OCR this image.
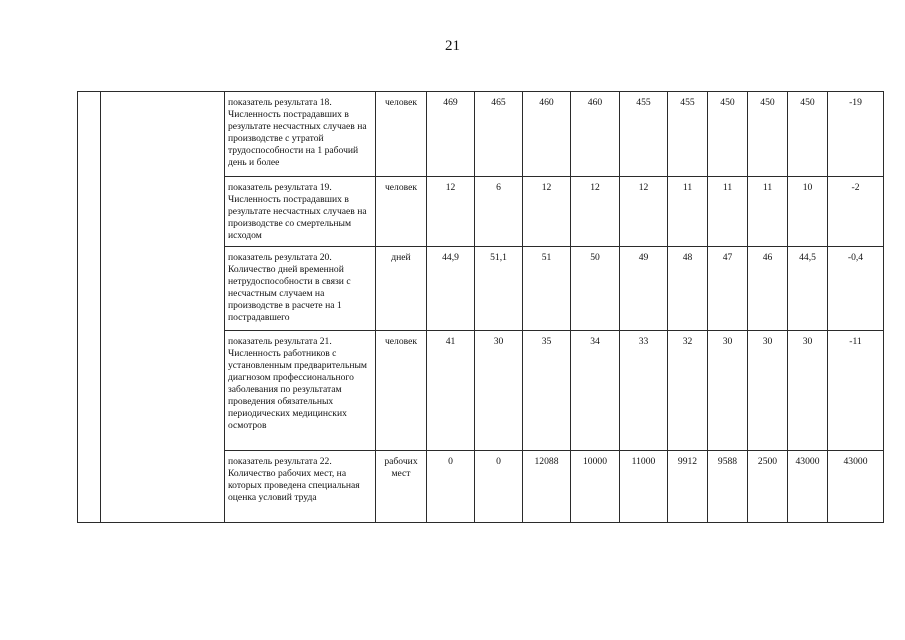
21
		показатель результата 18. Численность пострадавших в результате несчастных случаев на производстве с утратой трудоспособности на 1 рабочий день и более	человек	469	465	460	460	455	455	450	450	450	-19
		показатель результата 19. Численность пострадавших в результате несчастных случаев на производстве со смертельным исходом	человек	12	6	12	12	12	11	11	11	10	-2
		показатель результата 20. Количество дней временной нетрудоспособности в связи с несчастным случаем на производстве в расчете на 1 пострадавшего	дней	44,9	51,1	51	50	49	48	47	46	44,5	-0,4
		показатель результата 21. Численность работников с установленным предварительным диагнозом профессионального заболевания по результатам проведения обязательных периодических медицинских осмотров	человек	41	30	35	34	33	32	30	30	30	-11
		показатель результата 22. Количество рабочих мест, на которых проведена специальная оценка условий труда	рабочих мест	0	0	12088	10000	11000	9912	9588	2500	43000	43000
